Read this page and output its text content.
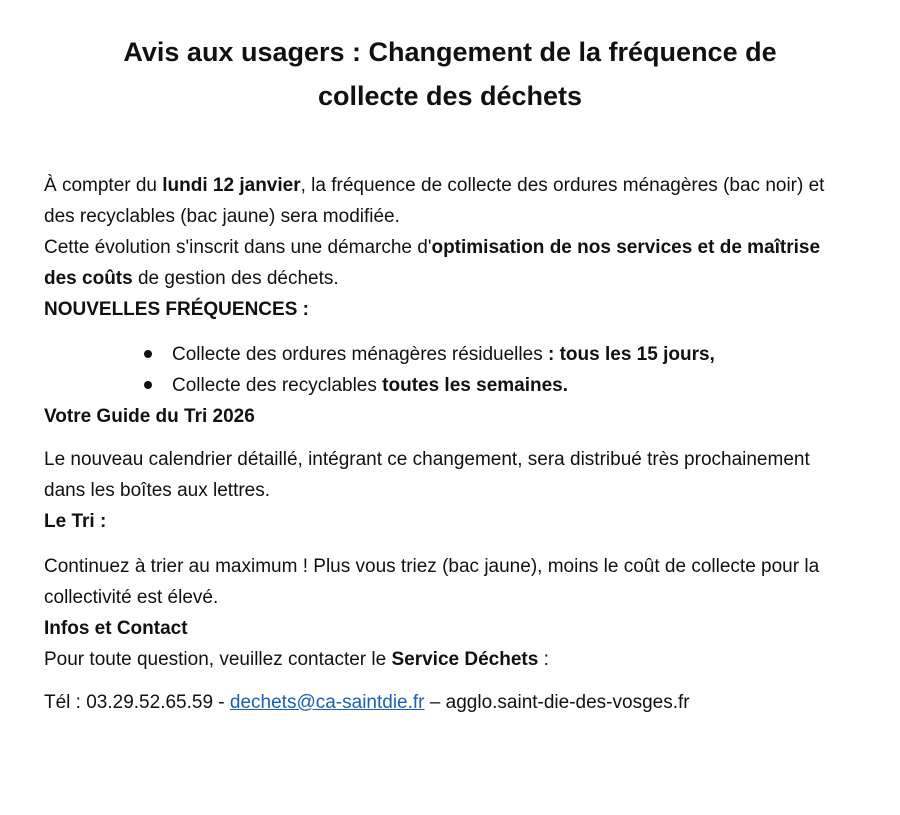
Avis aux usagers : Changement de la fréquence de
collecte des déchets

À compter du lundi 12 janvier, la fréquence de collecte des ordures ménagères (bac noir) et des recyclables (bac jaune) sera modifiée.

Cette évolution s'inscrit dans une démarche d'optimisation de nos services et de maîtrise des coûts de gestion des déchets.

NOUVELLES FRÉQUENCES :

Collecte des ordures ménagères résiduelles : tous les 15 jours,
Collecte des recyclables toutes les semaines.

Votre Guide du Tri 2026

Le nouveau calendrier détaillé, intégrant ce changement, sera distribué très prochainement dans les boîtes aux lettres.

Le Tri :

Continuez à trier au maximum ! Plus vous triez (bac jaune), moins le coût de collecte pour la collectivité est élevé.

Infos et Contact

Pour toute question, veuillez contacter le Service Déchets :

Tél : 03.29.52.65.59 - dechets@ca-saintdie.fr – agglo.saint-die-des-vosges.fr
